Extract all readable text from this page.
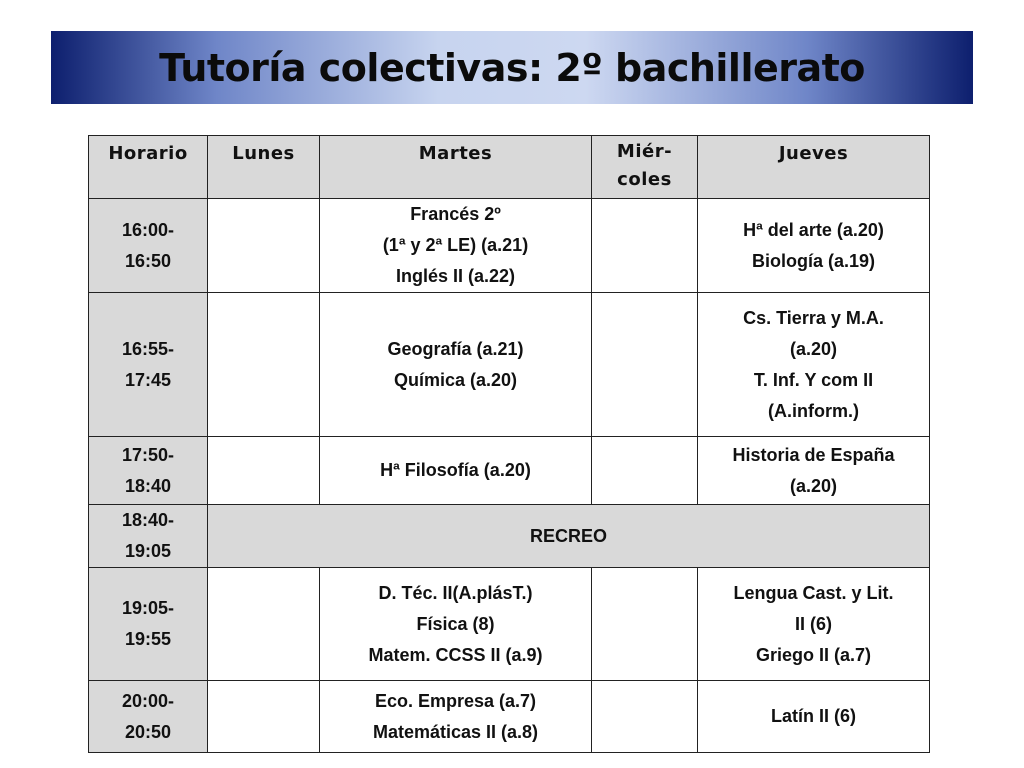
Tutoría colectivas: 2º bachillerato
Horario	Lunes	Martes	Miér-
coles	Jueves

16:00-
16:50		Francés 2º
(1ª y 2ª LE) (a.21)
Inglés II (a.22)		Hª del arte (a.20)
Biología (a.19)

16:55-
17:45		Geografía (a.21)
Química (a.20)		Cs. Tierra y M.A.
(a.20)
T. Inf. Y com II
(A.inform.)

17:50-
18:40		Hª Filosofía (a.20)		Historia de Españа
(a.20)

18:40-
19:05	RECREO			

19:05-
19:55		D. Téc. II(A.plásT.)
Física (8)
Matem. CCSS II (a.9)		Lengua Cast. y Lit.
II (6)
Griego II (a.7)

20:00-
20:50		Eco. Empresa (a.7)
Matemáticas II (a.8)		Latín II (6)
